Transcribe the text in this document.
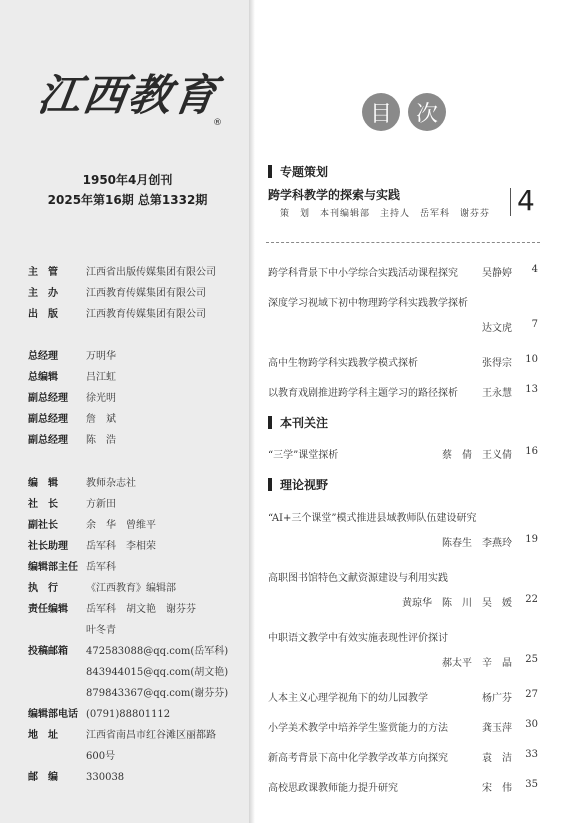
江西教育
®
1950年4月创刊
2025年第16期 总第1332期
主　管	江西省出版传媒集团有限公司
主　办	江西教育传媒集团有限公司
出　版	江西教育传媒集团有限公司
总经理	万明华
总编辑	吕江虹
副总经理	徐光明
副总经理	詹　斌
副总经理	陈　浩
编　辑	教师杂志社
社　长	方新田
副社长	余　华　曾维平
社长助理	岳军科　李相荣
编辑部主任 岳军科
执　行	《江西教育》编辑部
责任编辑	岳军科　胡文艳　谢芬芬
叶冬青
投稿邮箱	472583088@qq.com(岳军科)
843944015@qq.com(胡文艳)
879843367@qq.com(谢芬芬)
编辑部电话 (0791)88801112
地　址	江西省南昌市红谷滩区丽都路
600号
邮　编	330038
目	次
专题策划
跨学科教学的探索与实践
策　划　本刊编辑部　主持人　岳军科　谢芬芬 4
跨学科背景下中小学综合实践活动课程探究 吴静婷	4
深度学习视域下初中物理跨学科实践教学探析
达文虎	7
高中生物跨学科实践教学模式探析	张得宗	10
以教育戏剧推进跨学科主题学习的路径探析 王永慧	13
本刊关注
“三学”课堂探析	蔡　倩　王义倩	16
理论视野
“AI+三个课堂”模式推进县域教师队伍建设研究
陈春生　李燕玲	19
高职图书馆特色文献资源建设与利用实践
黄琼华　陈　川　吴　媛	22
中职语文教学中有效实施表现性评价探讨
郝太平　辛　晶	25
人本主义心理学视角下的幼儿园教学	杨广芬	27
小学美术教学中培养学生鉴赏能力的方法	龚玉萍	30
新高考背景下高中化学教学改革方向探究	袁　洁	33
高校思政课教师能力提升研究	宋　伟	35
